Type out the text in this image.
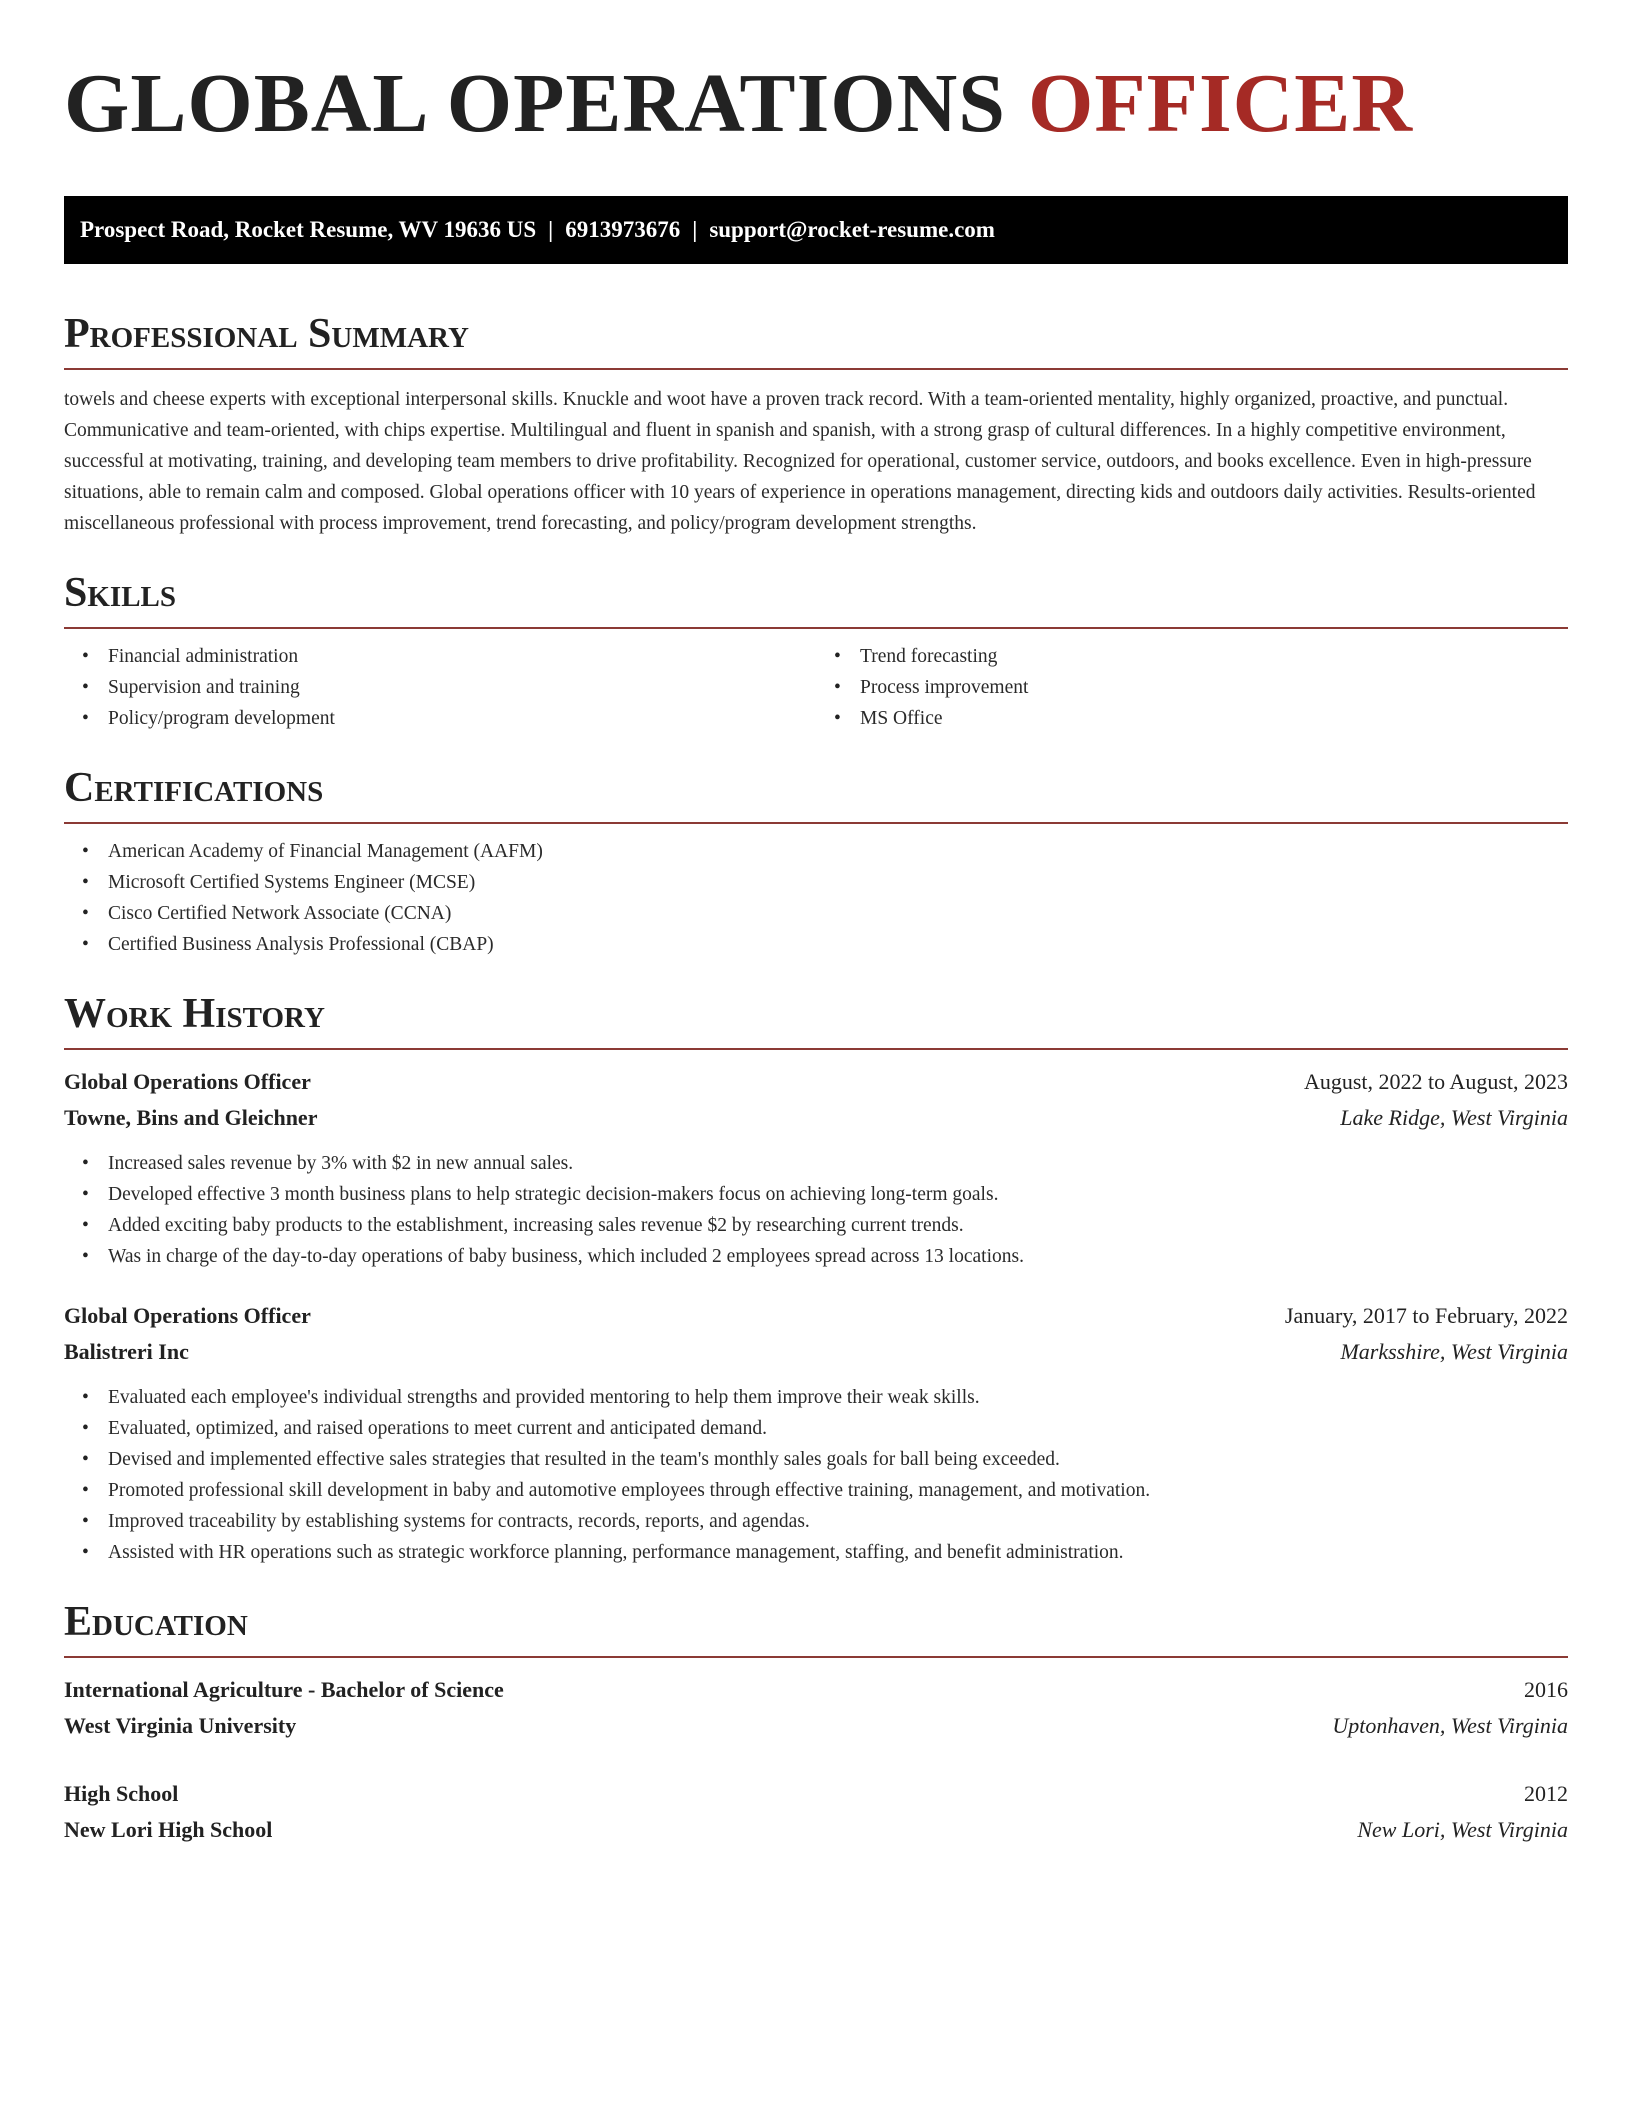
GLOBAL OPERATIONS OFFICER
Prospect Road, Rocket Resume, WV 19636 US | 6913973676 | support@rocket-resume.com
Professional Summary

towels and cheese experts with exceptional interpersonal skills. Knuckle and woot have a proven track record. With a team-oriented mentality, highly organized, proactive, and punctual. Communicative and team-oriented, with chips expertise. Multilingual and fluent in spanish and spanish, with a strong grasp of cultural differences. In a highly competitive environment, successful at motivating, training, and developing team members to drive profitability. Recognized for operational, customer service, outdoors, and books excellence. Even in high-pressure situations, able to remain calm and composed. Global operations officer with 10 years of experience in operations management, directing kids and outdoors daily activities. Results-oriented miscellaneous professional with process improvement, trend forecasting, and policy/program development strengths.

Skills
• Financial administration
• Supervision and training
• Policy/program development
• Trend forecasting
• Process improvement
• MS Office
Certifications
• American Academy of Financial Management (AAFM)
• Microsoft Certified Systems Engineer (MCSE)
• Cisco Certified Network Associate (CCNA)
• Certified Business Analysis Professional (CBAP)
Work History
Global Operations Officer	August, 2022 to August, 2023
Towne, Bins and Gleichner	Lake Ridge, West Virginia
• Increased sales revenue by 3% with $2 in new annual sales.
• Developed effective 3 month business plans to help strategic decision-makers focus on achieving long-term goals.
• Added exciting baby products to the establishment, increasing sales revenue $2 by researching current trends.
• Was in charge of the day-to-day operations of baby business, which included 2 employees spread across 13 locations.
Global Operations Officer	January, 2017 to February, 2022
Balistreri Inc	Marksshire, West Virginia
• Evaluated each employee's individual strengths and provided mentoring to help them improve their weak skills.
• Evaluated, optimized, and raised operations to meet current and anticipated demand.
• Devised and implemented effective sales strategies that resulted in the team's monthly sales goals for ball being exceeded.
• Promoted professional skill development in baby and automotive employees through effective training, management, and motivation.
• Improved traceability by establishing systems for contracts, records, reports, and agendas.
• Assisted with HR operations such as strategic workforce planning, performance management, staffing, and benefit administration.
Education
International Agriculture - Bachelor of Science	2016
West Virginia University	Uptonhaven, West Virginia
High School	2012
New Lori High School	New Lori, West Virginia
